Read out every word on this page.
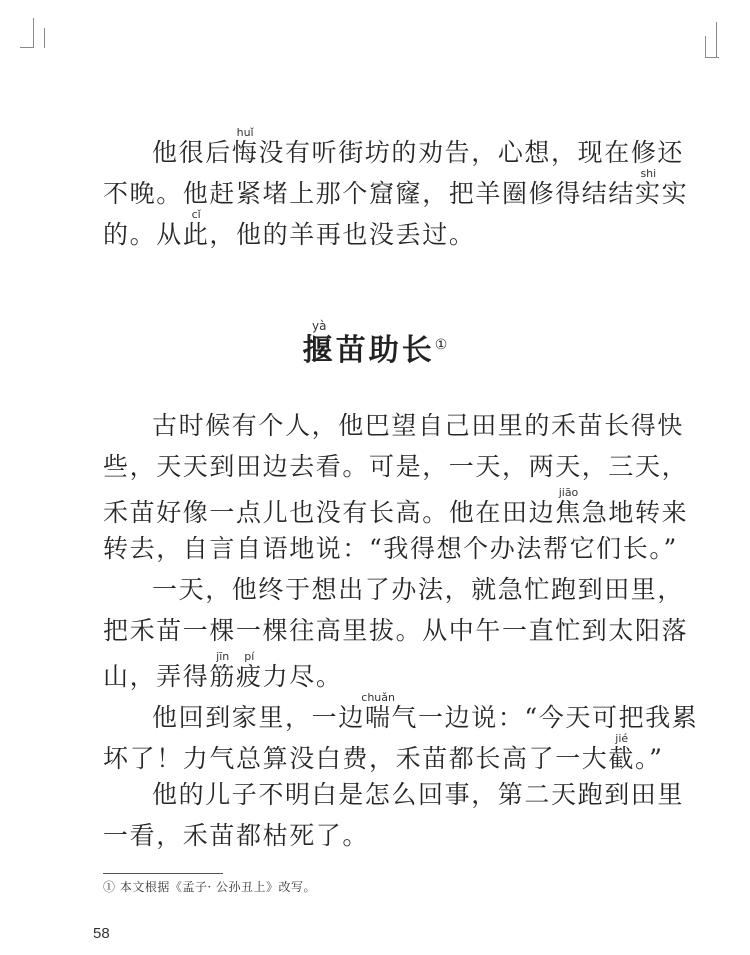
他很后悔huǐ没有听街坊的劝告，心想，现在修还
不晚。他赶紧堵上那个窟窿，把羊圈修得结结实shi实
的。从此cǐ，他的羊再也没丢过。
揠yà苗助长①
古时候有个人，他巴望自己田里的禾苗长得快
些，天天到田边去看。可是，一天，两天，三天，
禾苗好像一点儿也没有长高。他在田边焦jiāo急地转来
转去，自言自语地说：“我得想个办法帮它们长。”
一天，他终于想出了办法，就急忙跑到田里，
把禾苗一棵一棵往高里拔。从中午一直忙到太阳落
山，弄得筋jīn疲pí力尽。
他回到家里，一边喘chuǎn气一边说：“今天可把我累
坏了！力气总算没白费，禾苗都长高了一大截jié。”
他的儿子不明白是怎么回事，第二天跑到田里
一看，禾苗都枯死了。
① 本文根据《孟子· 公孙丑上》改写。
58
